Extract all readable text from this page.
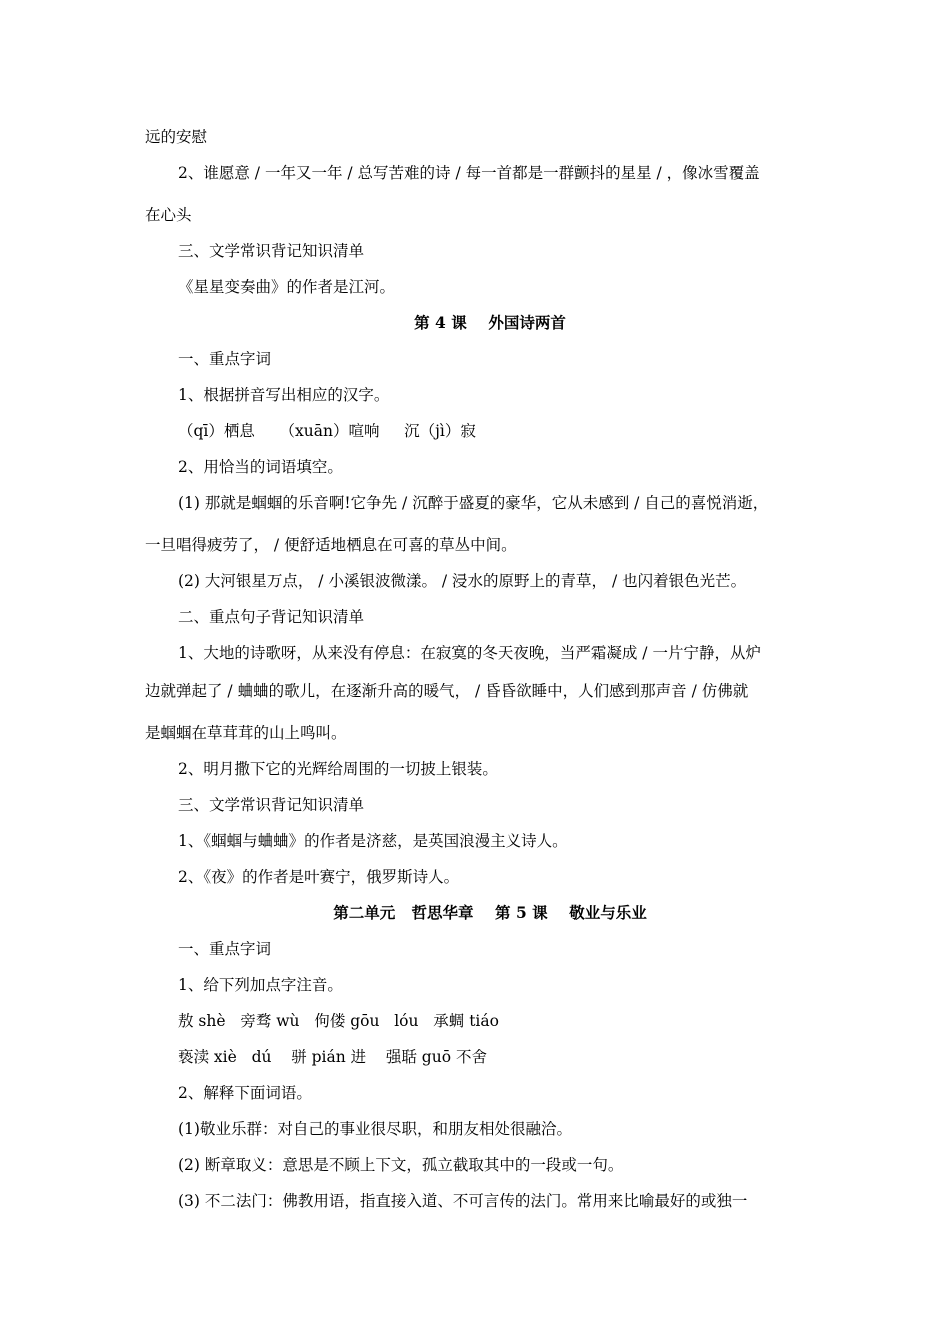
远的安慰
2、谁愿意 / 一年又一年 / 总写苦难的诗 / 每一首都是一群颤抖的星星 / ，像冰雪覆盖
在心头
三、文学常识背记知识清单
《星星变奏曲》的作者是江河。
第 4 课    外国诗两首
一、重点字词
1、根据拼音写出相应的汉字。
（qī）栖息     （xuān）喧响     沉（jì）寂
2、用恰当的词语填空。
(1) 那就是蝈蝈的乐音啊!它争先 / 沉醉于盛夏的豪华，它从未感到 / 自己的喜悦消逝，
一旦唱得疲劳了， / 便舒适地栖息在可喜的草丛中间。
(2) 大河银星万点， / 小溪银波微漾。 / 浸水的原野上的青草， / 也闪着银色光芒。
二、重点句子背记知识清单
1、大地的诗歌呀，从来没有停息：在寂寞的冬天夜晚，当严霜凝成 / 一片宁静，从炉
边就弹起了 / 蛐蛐的歌儿，在逐渐升高的暖气， / 昏昏欲睡中，人们感到那声音 / 仿佛就
是蝈蝈在草茸茸的山上鸣叫。
2、明月撒下它的光辉给周围的一切披上银装。
三、文学常识背记知识清单
1、《蝈蝈与蛐蛐》的作者是济慈，是英国浪漫主义诗人。
2、《夜》的作者是叶赛宁，俄罗斯诗人。
第二单元   哲思华章    第 5 课    敬业与乐业
一、重点字词
1、给下列加点字注音。
敖 shè   旁骛 wù   佝偻 gōu   lóu   承蜩 tiáo
亵渎 xiè   dú    骈 pián 进    强聒 guō 不舍
2、解释下面词语。
(1)敬业乐群：对自己的事业很尽职，和朋友相处很融洽。
(2) 断章取义：意思是不顾上下文，孤立截取其中的一段或一句。
(3) 不二法门：佛教用语，指直接入道、不可言传的法门。常用来比喻最好的或独一
